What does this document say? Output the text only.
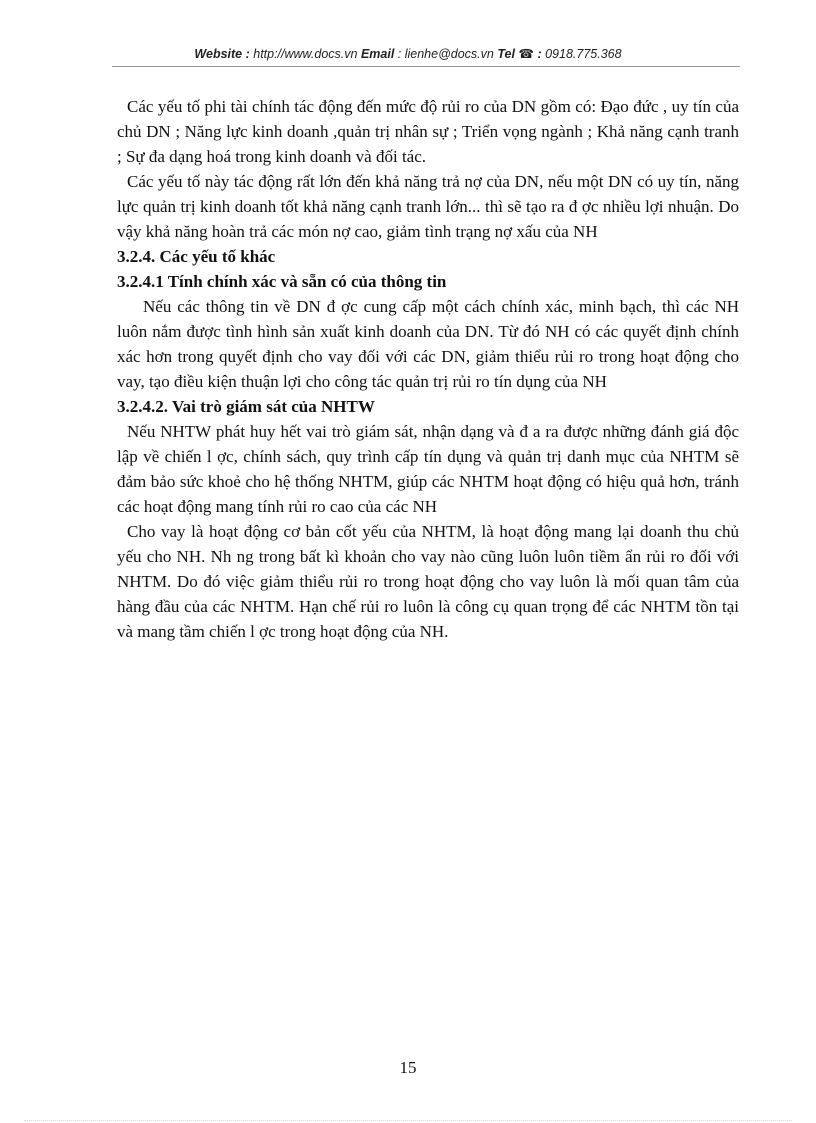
Website : http://www.docs.vn Email : lienhe@docs.vn Tel ☎ : 0918.775.368

Các yếu tố phi tài chính tác động đến mức độ rủi ro của DN gồm có: Đạo đức , uy tín của chủ DN ; Năng lực kinh doanh ,quản trị nhân sự ; Triển vọng ngành ; Khả năng cạnh tranh ; Sự đa dạng hoá trong kinh doanh và đối tác.

Các yếu tố này tác động rất lớn đến khả năng trả nợ của DN, nếu một DN có uy tín, năng lực quản trị kinh doanh tốt khả năng cạnh tranh lớn... thì sẽ tạo ra đ ợc nhiều lợi nhuận. Do vậy khả năng hoàn trả các món nợ cao, giảm tình trạng nợ xấu của NH

3.2.4. Các yếu tố khác
3.2.4.1 Tính chính xác và sẵn có của thông tin

Nếu các thông tin về DN đ ợc cung cấp một cách chính xác, minh bạch, thì các NH luôn nắm được tình hình sản xuất kinh doanh của DN. Từ đó NH có các quyết định chính xác hơn trong quyết định cho vay đối với các DN, giảm thiểu rủi ro trong hoạt động cho vay, tạo điều kiện thuận lợi cho công tác quản trị rủi ro tín dụng của NH

3.2.4.2. Vai trò giám sát của NHTW

Nếu NHTW phát huy hết vai trò giám sát, nhận dạng và đ a ra được những đánh giá độc lập về chiến l ợc, chính sách, quy trình cấp tín dụng và quản trị danh mục của NHTM sẽ đảm bảo sức khoẻ cho hệ thống NHTM, giúp các NHTM hoạt động có hiệu quả hơn, tránh các hoạt động mang tính rủi ro cao của các NH

Cho vay là hoạt động cơ bản cốt yếu của NHTM, là hoạt động mang lại doanh thu chủ yếu cho NH. Nh ng trong bất kì khoản cho vay nào cũng luôn luôn tiềm ẩn rủi ro đối với NHTM. Do đó việc giảm thiểu rủi ro trong hoạt động cho vay luôn là mối quan tâm của hàng đầu của các NHTM. Hạn chế rủi ro luôn là công cụ quan trọng để các NHTM tồn tại và mang tầm chiến l ợc trong hoạt động của NH.

15
